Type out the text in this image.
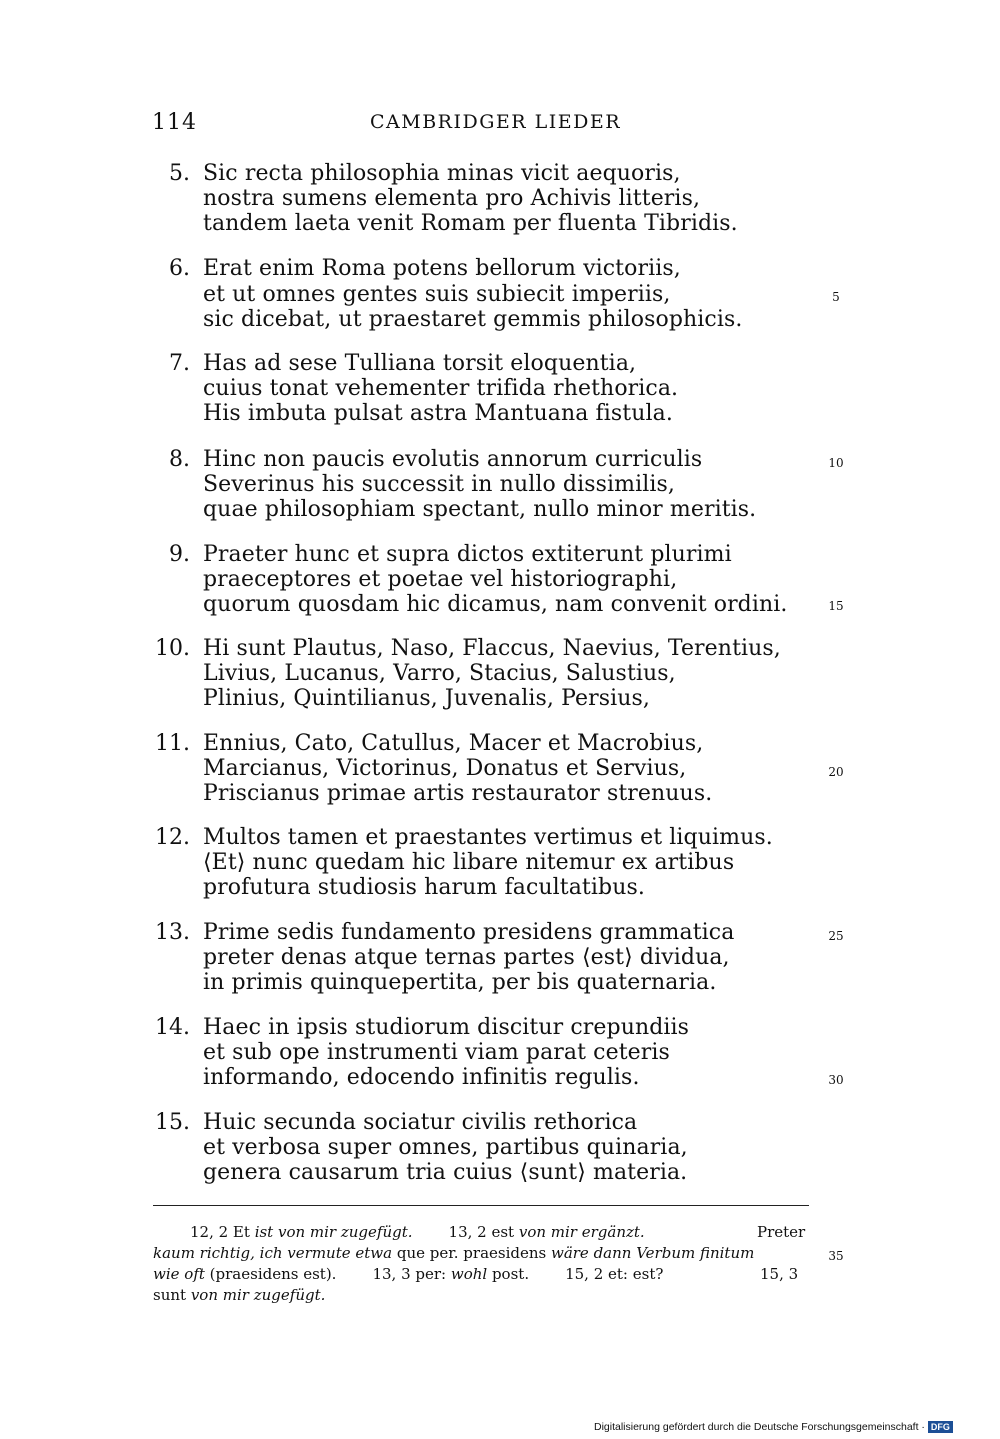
114	CAMBRIDGER LIEDER
5. Sic recta philosophia minas vicit aequoris,
nostra sumens elementa pro Achivis litteris,
tandem laeta venit Romam per fluenta Tibridis.
6. Erat enim Roma potens bellorum victoriis,
et ut omnes gentes suis subiecit imperiis,
sic dicebat, ut praestaret gemmis philosophicis.
7. Has ad sese Tulliana torsit eloquentia,
cuius tonat vehementer trifida rhethorica.
His imbuta pulsat astra Mantuana fistula.
8. Hinc non paucis evolutis annorum curriculis
Severinus his successit in nullo dissimilis,
quae philosophiam spectant, nullo minor meritis.
9. Praeter hunc et supra dictos extiterunt plurimi
praeceptores et poetae vel historiographi,
quorum quosdam hic dicamus, nam convenit ordini.
10. Hi sunt Plautus, Naso, Flaccus, Naevius, Terentius,
Livius, Lucanus, Varro, Stacius, Salustius,
Plinius, Quintilianus, Juvenalis, Persius,
11. Ennius, Cato, Catullus, Macer et Macrobius,
Marcianus, Victorinus, Donatus et Servius,
Priscianus primae artis restaurator strenuus.
12. Multos tamen et praestantes vertimus et liquimus.
⟨Et⟩ nunc quedam hic libare nitemur ex artibus
profutura studiosis harum facultatibus.
13. Prime sedis fundamento presidens grammatica
preter denas atque ternas partes ⟨est⟩ dividua,
in primis quinquepertita, per bis quaternaria.
14. Haec in ipsis studiorum discitur crepundiis
et sub ope instrumenti viam parat ceteris
informando, edocendo infinitis regulis.
15. Huic secunda sociatur civilis rethorica
et verbosa super omnes, partibus quinaria,
genera causarum tria cuius ⟨sunt⟩ materia.
5
10
15
20
25
30
35
12, 2 Et ist von mir zugefügt. 13, 2 est von mir ergänzt.	Preter
kaum richtig, ich vermute etwa que per. praesidens wäre dann Verbum finitum
wie oft (praesidens est). 13, 3 per: wohl post. 15, 2 et: est?	15, 3
sunt von mir zugefügt.
Digitalisierung gefördert durch die Deutsche Forschungsgemeinschaft · DFG
